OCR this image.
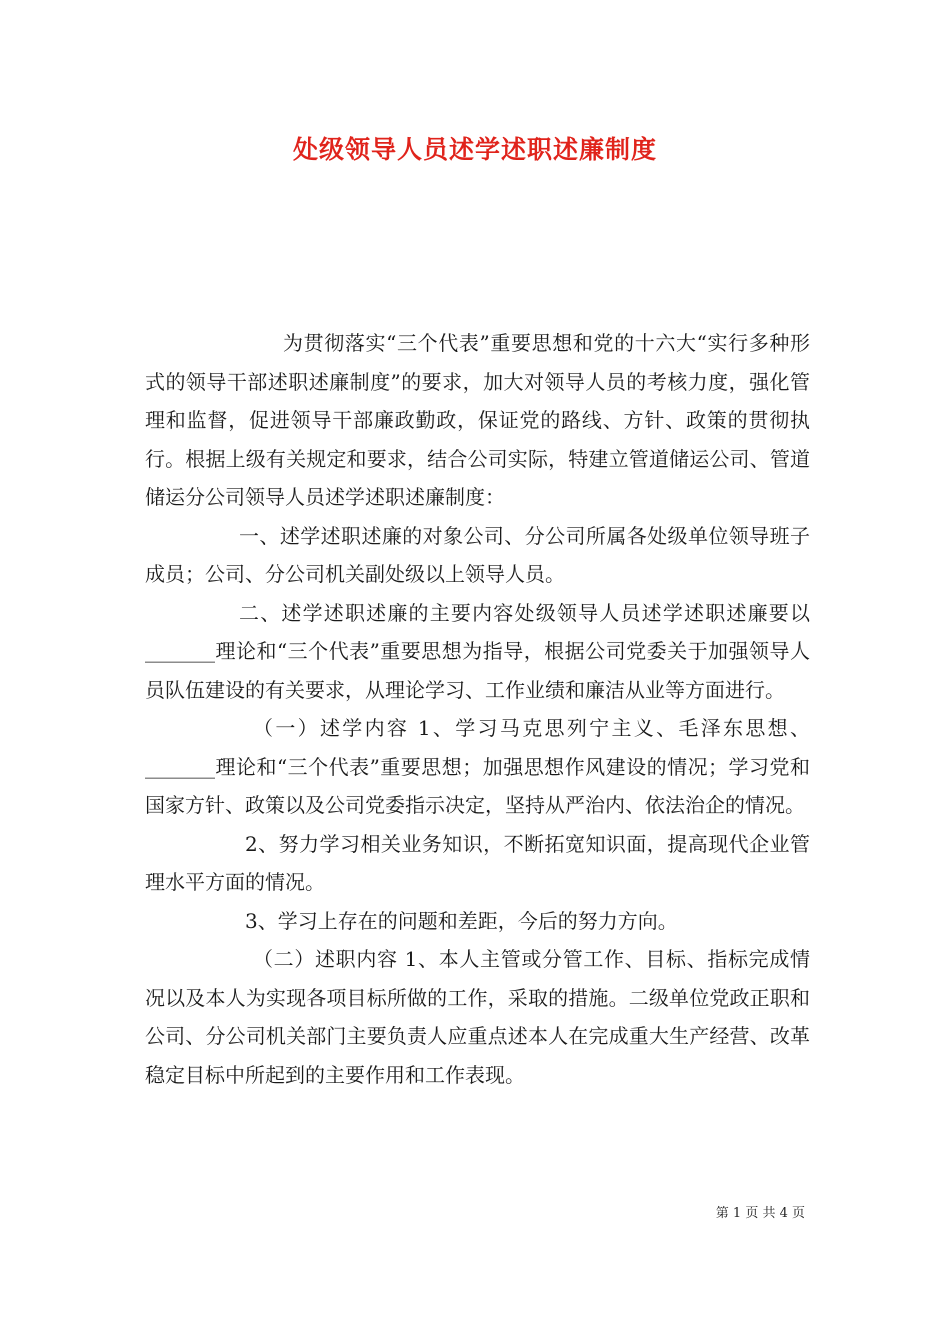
处级领导人员述学述职述廉制度

为贯彻落实“三个代表”重要思想和党的十六大“实行多种形式的领导干部述职述廉制度”的要求，加大对领导人员的考核力度，强化管理和监督，促进领导干部廉政勤政，保证党的路线、方针、政策的贯彻执行。根据上级有关规定和要求，结合公司实际，特建立管道储运公司、管道储运分公司领导人员述学述职述廉制度：

一、述学述职述廉的对象公司、分公司所属各处级单位领导班子成员；公司、分公司机关副处级以上领导人员。

二、述学述职述廉的主要内容处级领导人员述学述职述廉要以_______理论和“三个代表”重要思想为指导，根据公司党委关于加强领导人员队伍建设的有关要求，从理论学习、工作业绩和廉洁从业等方面进行。

（一）述学内容 1、学习马克思列宁主义、毛泽东思想、_______理论和“三个代表”重要思想；加强思想作风建设的情况；学习党和国家方针、政策以及公司党委指示决定，坚持从严治内、依法治企的情况。

2、努力学习相关业务知识，不断拓宽知识面，提高现代企业管理水平方面的情况。

3、学习上存在的问题和差距，今后的努力方向。

（二）述职内容 1、本人主管或分管工作、目标、指标完成情况以及本人为实现各项目标所做的工作，采取的措施。二级单位党政正职和公司、分公司机关部门主要负责人应重点述本人在完成重大生产经营、改革稳定目标中所起到的主要作用和工作表现。

第 1 页 共 4 页
